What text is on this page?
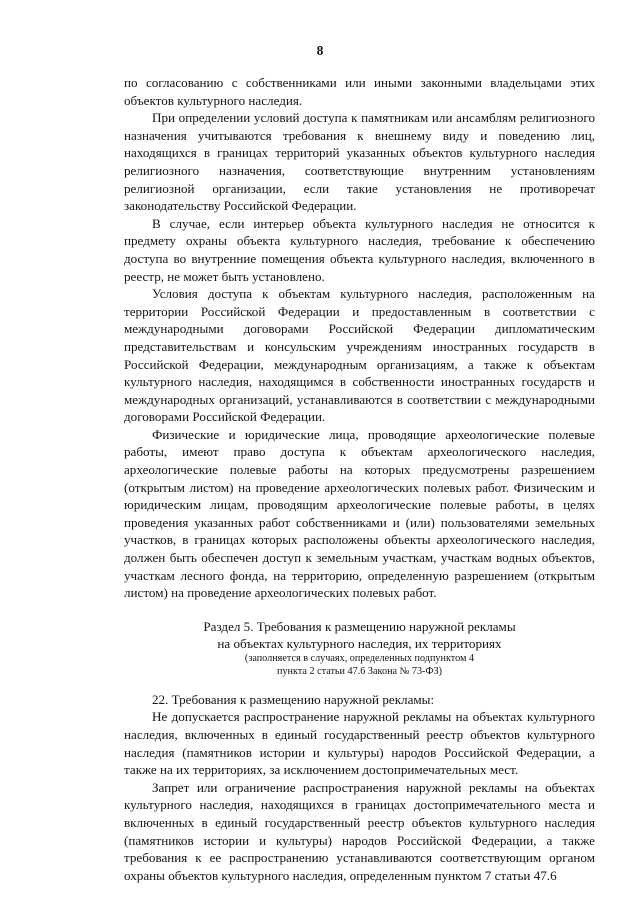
8

по согласованию с собственниками или иными законными владельцами этих объектов культурного наследия.

При определении условий доступа к памятникам или ансамблям религиозного назначения учитываются требования к внешнему виду и поведению лиц, находящихся в границах территорий указанных объектов культурного наследия религиозного назначения, соответствующие внутренним установлениям религиозной организации, если такие установления не противоречат законодательству Российской Федерации.

В случае, если интерьер объекта культурного наследия не относится к предмету охраны объекта культурного наследия, требование к обеспечению доступа во внутренние помещения объекта культурного наследия, включенного в реестр, не может быть установлено.

Условия доступа к объектам культурного наследия, расположенным на территории Российской Федерации и предоставленным в соответствии с международными договорами Российской Федерации дипломатическим представительствам и консульским учреждениям иностранных государств в Российской Федерации, международным организациям, а также к объектам культурного наследия, находящимся в собственности иностранных государств и международных организаций, устанавливаются в соответствии с международными договорами Российской Федерации.

Физические и юридические лица, проводящие археологические полевые работы, имеют право доступа к объектам археологического наследия, археологические полевые работы на которых предусмотрены разрешением (открытым листом) на проведение археологических полевых работ. Физическим и юридическим лицам, проводящим археологические полевые работы, в целях проведения указанных работ собственниками и (или) пользователями земельных участков, в границах которых расположены объекты археологического наследия, должен быть обеспечен доступ к земельным участкам, участкам водных объектов, участкам лесного фонда, на территорию, определенную разрешением (открытым листом) на проведение археологических полевых работ.

Раздел 5. Требования к размещению наружной рекламы
на объектах культурного наследия, их территориях
(заполняется в случаях, определенных подпунктом 4
пункта 2 статьи 47.6 Закона № 73-ФЗ)

22. Требования к размещению наружной рекламы:

Не допускается распространение наружной рекламы на объектах культурного наследия, включенных в единый государственный реестр объектов культурного наследия (памятников истории и культуры) народов Российской Федерации, а также на их территориях, за исключением достопримечательных мест.

Запрет или ограничение распространения наружной рекламы на объектах культурного наследия, находящихся в границах достопримечательного места и включенных в единый государственный реестр объектов культурного наследия (памятников истории и культуры) народов Российской Федерации, а также требования к ее распространению устанавливаются соответствующим органом охраны объектов культурного наследия, определенным пунктом 7 статьи 47.6
